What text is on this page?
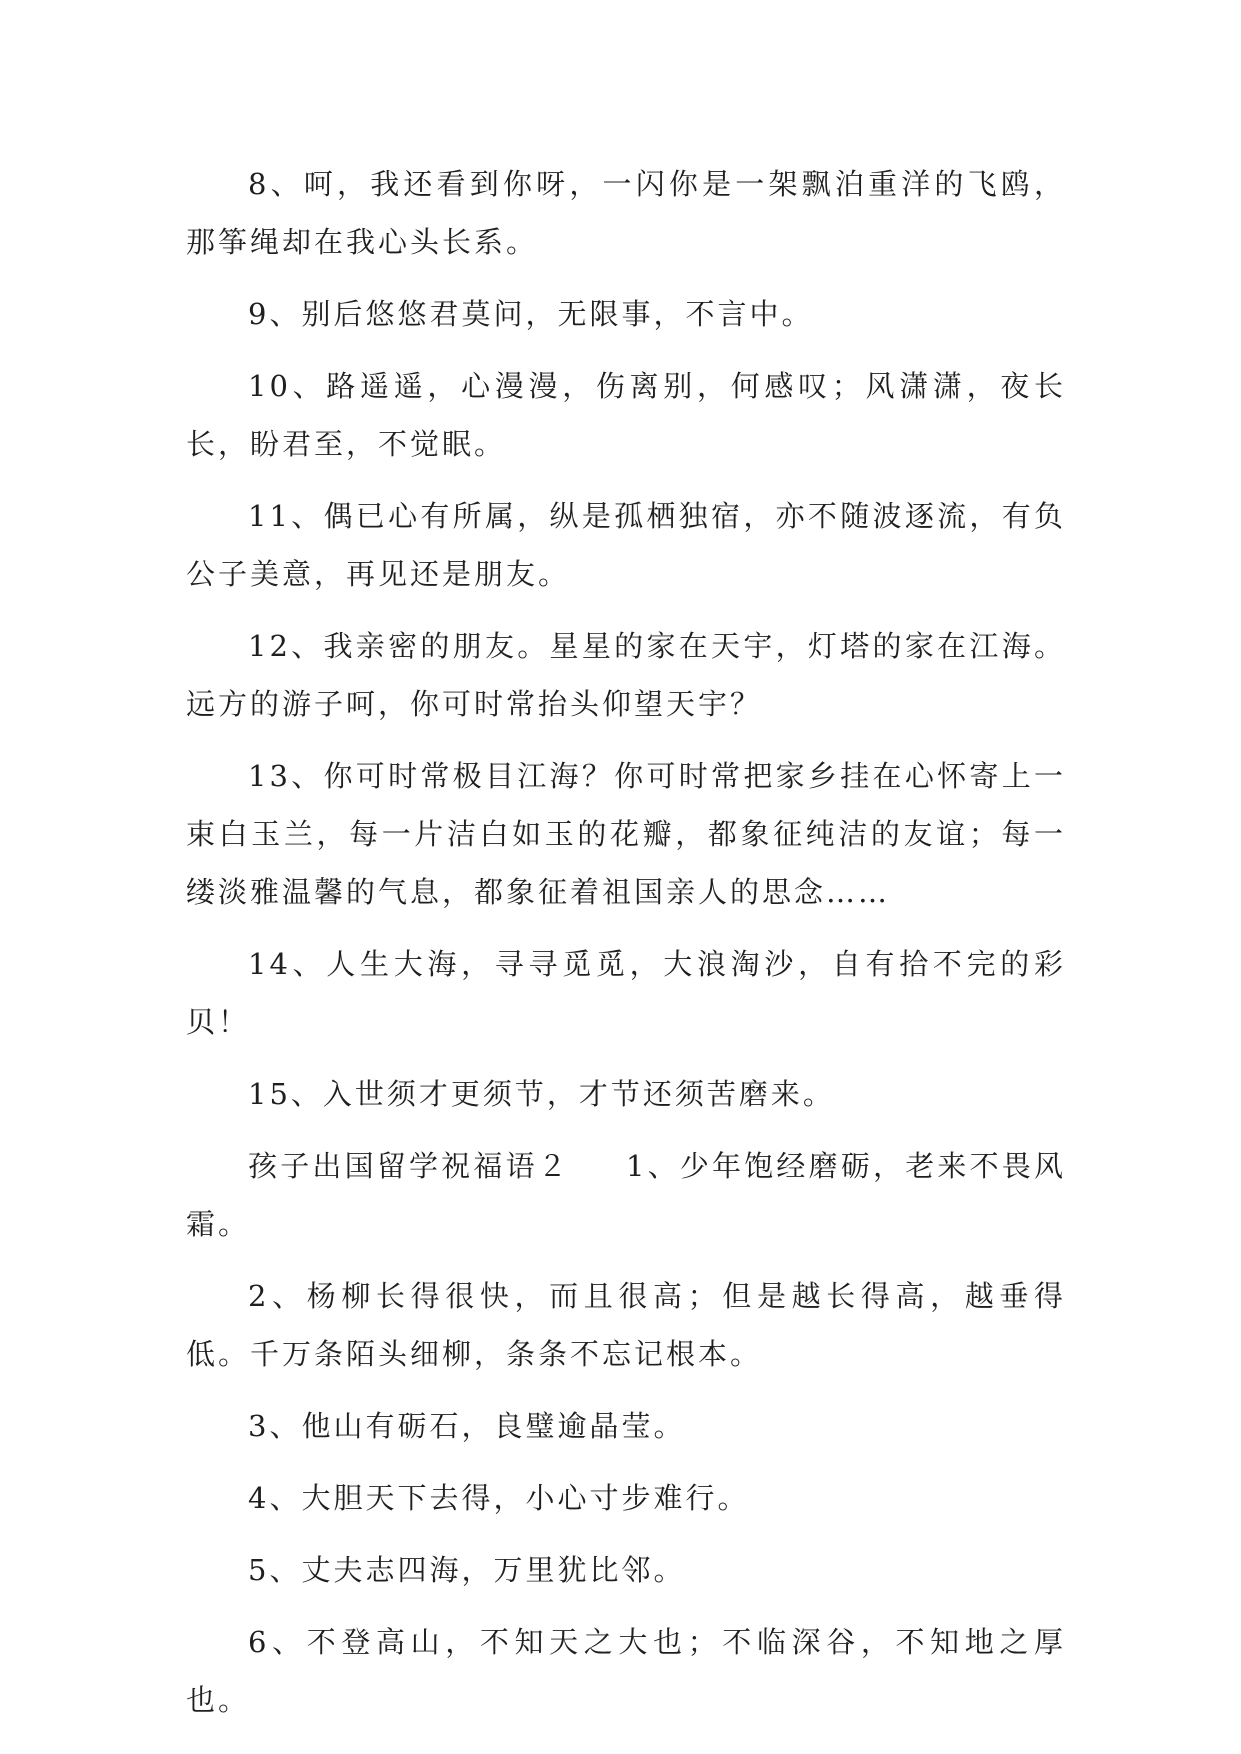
8、呵，我还看到你呀，一闪你是一架飘泊重洋的飞鸥，那筝绳却在我心头长系。

9、别后悠悠君莫问，无限事，不言中。

10、路遥遥，心漫漫，伤离别，何感叹；风潇潇，夜长长，盼君至，不觉眠。

11、偶已心有所属，纵是孤栖独宿，亦不随波逐流，有负公子美意，再见还是朋友。

12、我亲密的朋友。星星的家在天宇，灯塔的家在江海。远方的游子呵，你可时常抬头仰望天宇？

13、你可时常极目江海？你可时常把家乡挂在心怀寄上一束白玉兰，每一片洁白如玉的花瓣，都象征纯洁的友谊；每一缕淡雅温馨的气息，都象征着祖国亲人的思念……

14、人生大海，寻寻觅觅，大浪淘沙，自有拾不完的彩贝！

15、入世须才更须节，才节还须苦磨来。

孩子出国留学祝福语２ 1、少年饱经磨砺，老来不畏风霜。

2、杨柳长得很快，而且很高；但是越长得高，越垂得低。千万条陌头细柳，条条不忘记根本。

3、他山有砺石，良璧逾晶莹。

4、大胆天下去得，小心寸步难行。

5、丈夫志四海，万里犹比邻。

6、不登高山，不知天之大也；不临深谷，不知地之厚也。
